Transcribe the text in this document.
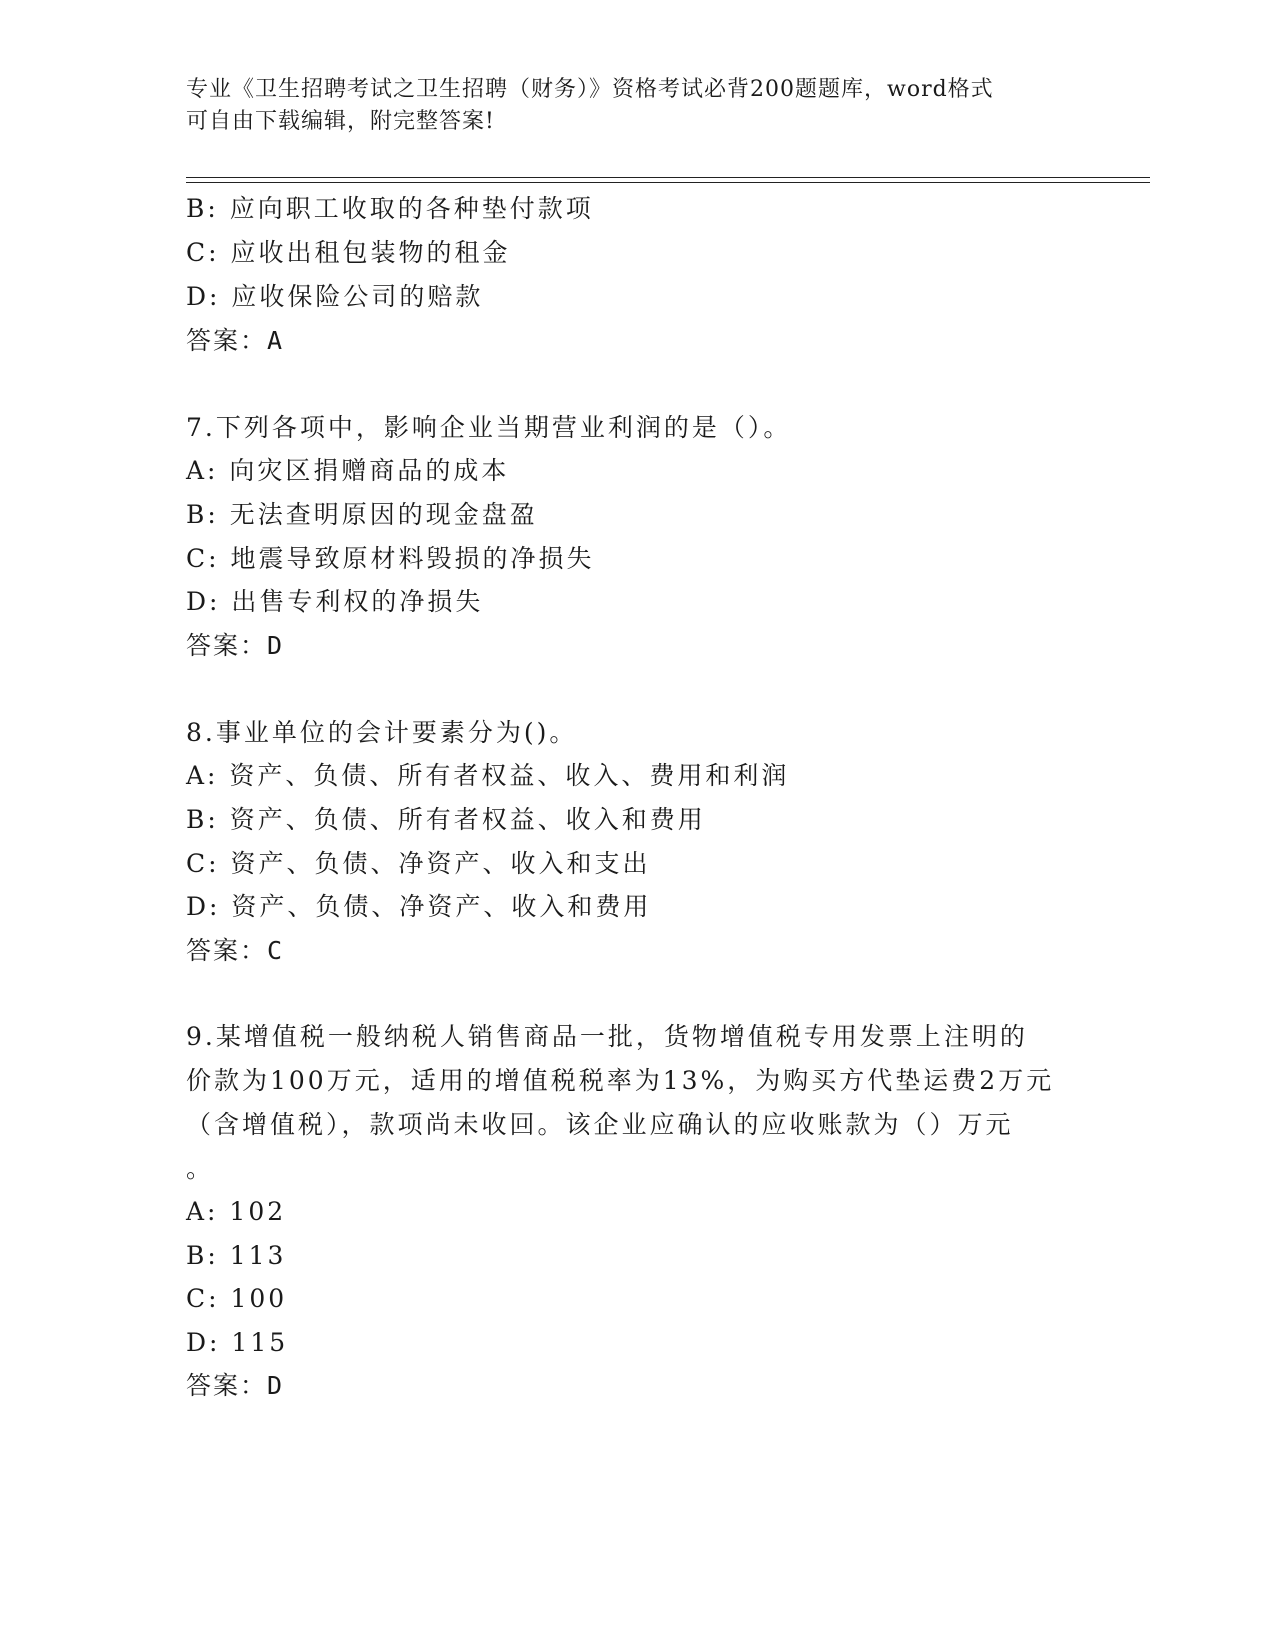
专业《卫生招聘考试之卫生招聘（财务）》资格考试必背200题题库，word格式

可自由下载编辑，附完整答案!

B: 应向职工收取的各种垫付款项
C: 应收出租包装物的租金
D: 应收保险公司的赔款
答案：A
7.下列各项中，影响企业当期营业利润的是（）。
A: 向灾区捐赠商品的成本
B: 无法查明原因的现金盘盈
C: 地震导致原材料毁损的净损失
D: 出售专利权的净损失
答案：D
8.事业单位的会计要素分为()。
A: 资产、负债、所有者权益、收入、费用和利润
B: 资产、负债、所有者权益、收入和费用
C: 资产、负债、净资产、收入和支出
D: 资产、负债、净资产、收入和费用
答案：C
9.某增值税一般纳税人销售商品一批，货物增值税专用发票上注明的
价款为100万元，适用的增值税税率为13%，为购买方代垫运费2万元
（含增值税），款项尚未收回。该企业应确认的应收账款为（）万元
。
A: 102
B: 113
C: 100
D: 115
答案：D
